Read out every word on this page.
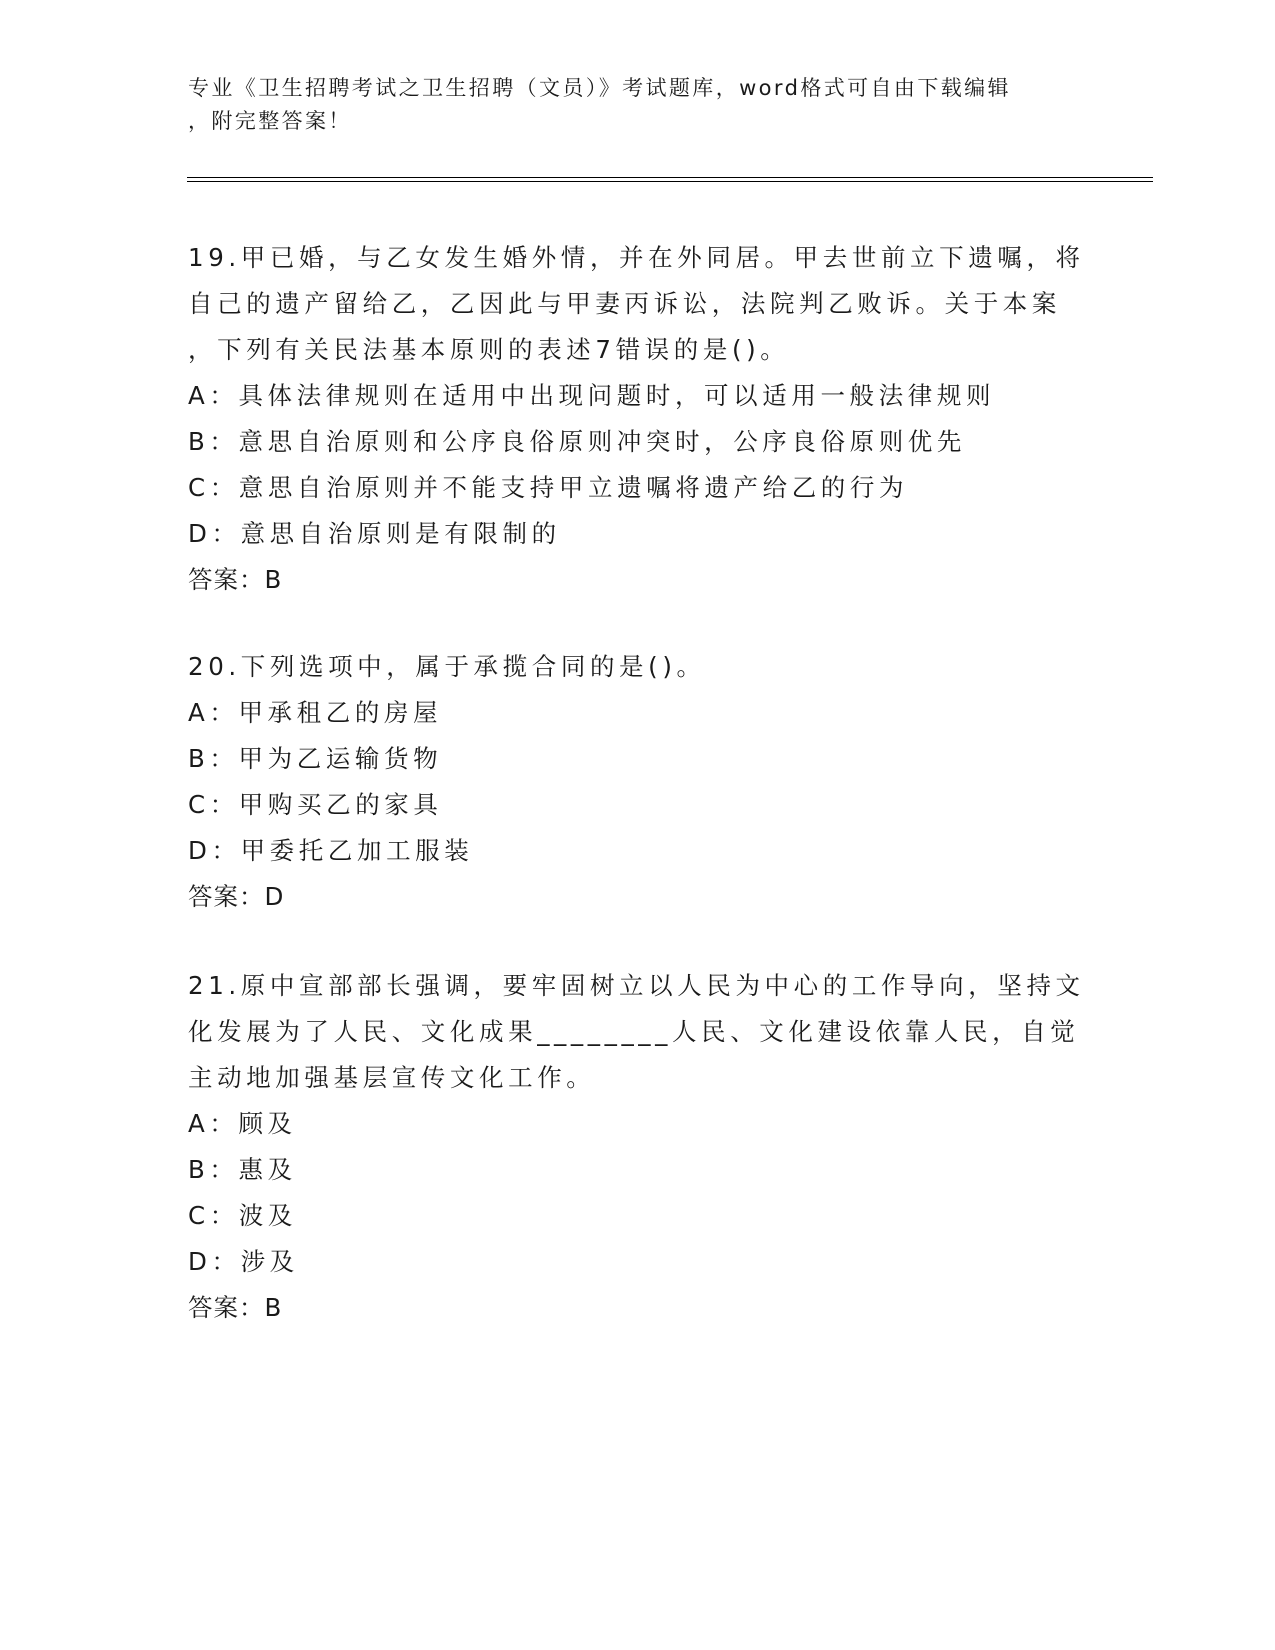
专业《卫生招聘考试之卫生招聘（文员）》考试题库，word格式可自由下载编辑
，附完整答案！
19.甲已婚，与乙女发生婚外情，并在外同居。甲去世前立下遗嘱，将
自己的遗产留给乙，乙因此与甲妻丙诉讼，法院判乙败诉。关于本案
，下列有关民法基本原则的表述7错误的是()。
A：具体法律规则在适用中出现问题时，可以适用一般法律规则
B：意思自治原则和公序良俗原则冲突时，公序良俗原则优先
C：意思自治原则并不能支持甲立遗嘱将遗产给乙的行为
D：意思自治原则是有限制的
答案：B
20.下列选项中，属于承揽合同的是()。
A：甲承租乙的房屋
B：甲为乙运输货物
C：甲购买乙的家具
D：甲委托乙加工服装
答案：D
21.原中宣部部长强调，要牢固树立以人民为中心的工作导向，坚持文
化发展为了人民、文化成果________人民、文化建设依靠人民，自觉
主动地加强基层宣传文化工作。
A：顾及
B：惠及
C：波及
D：涉及
答案：B
